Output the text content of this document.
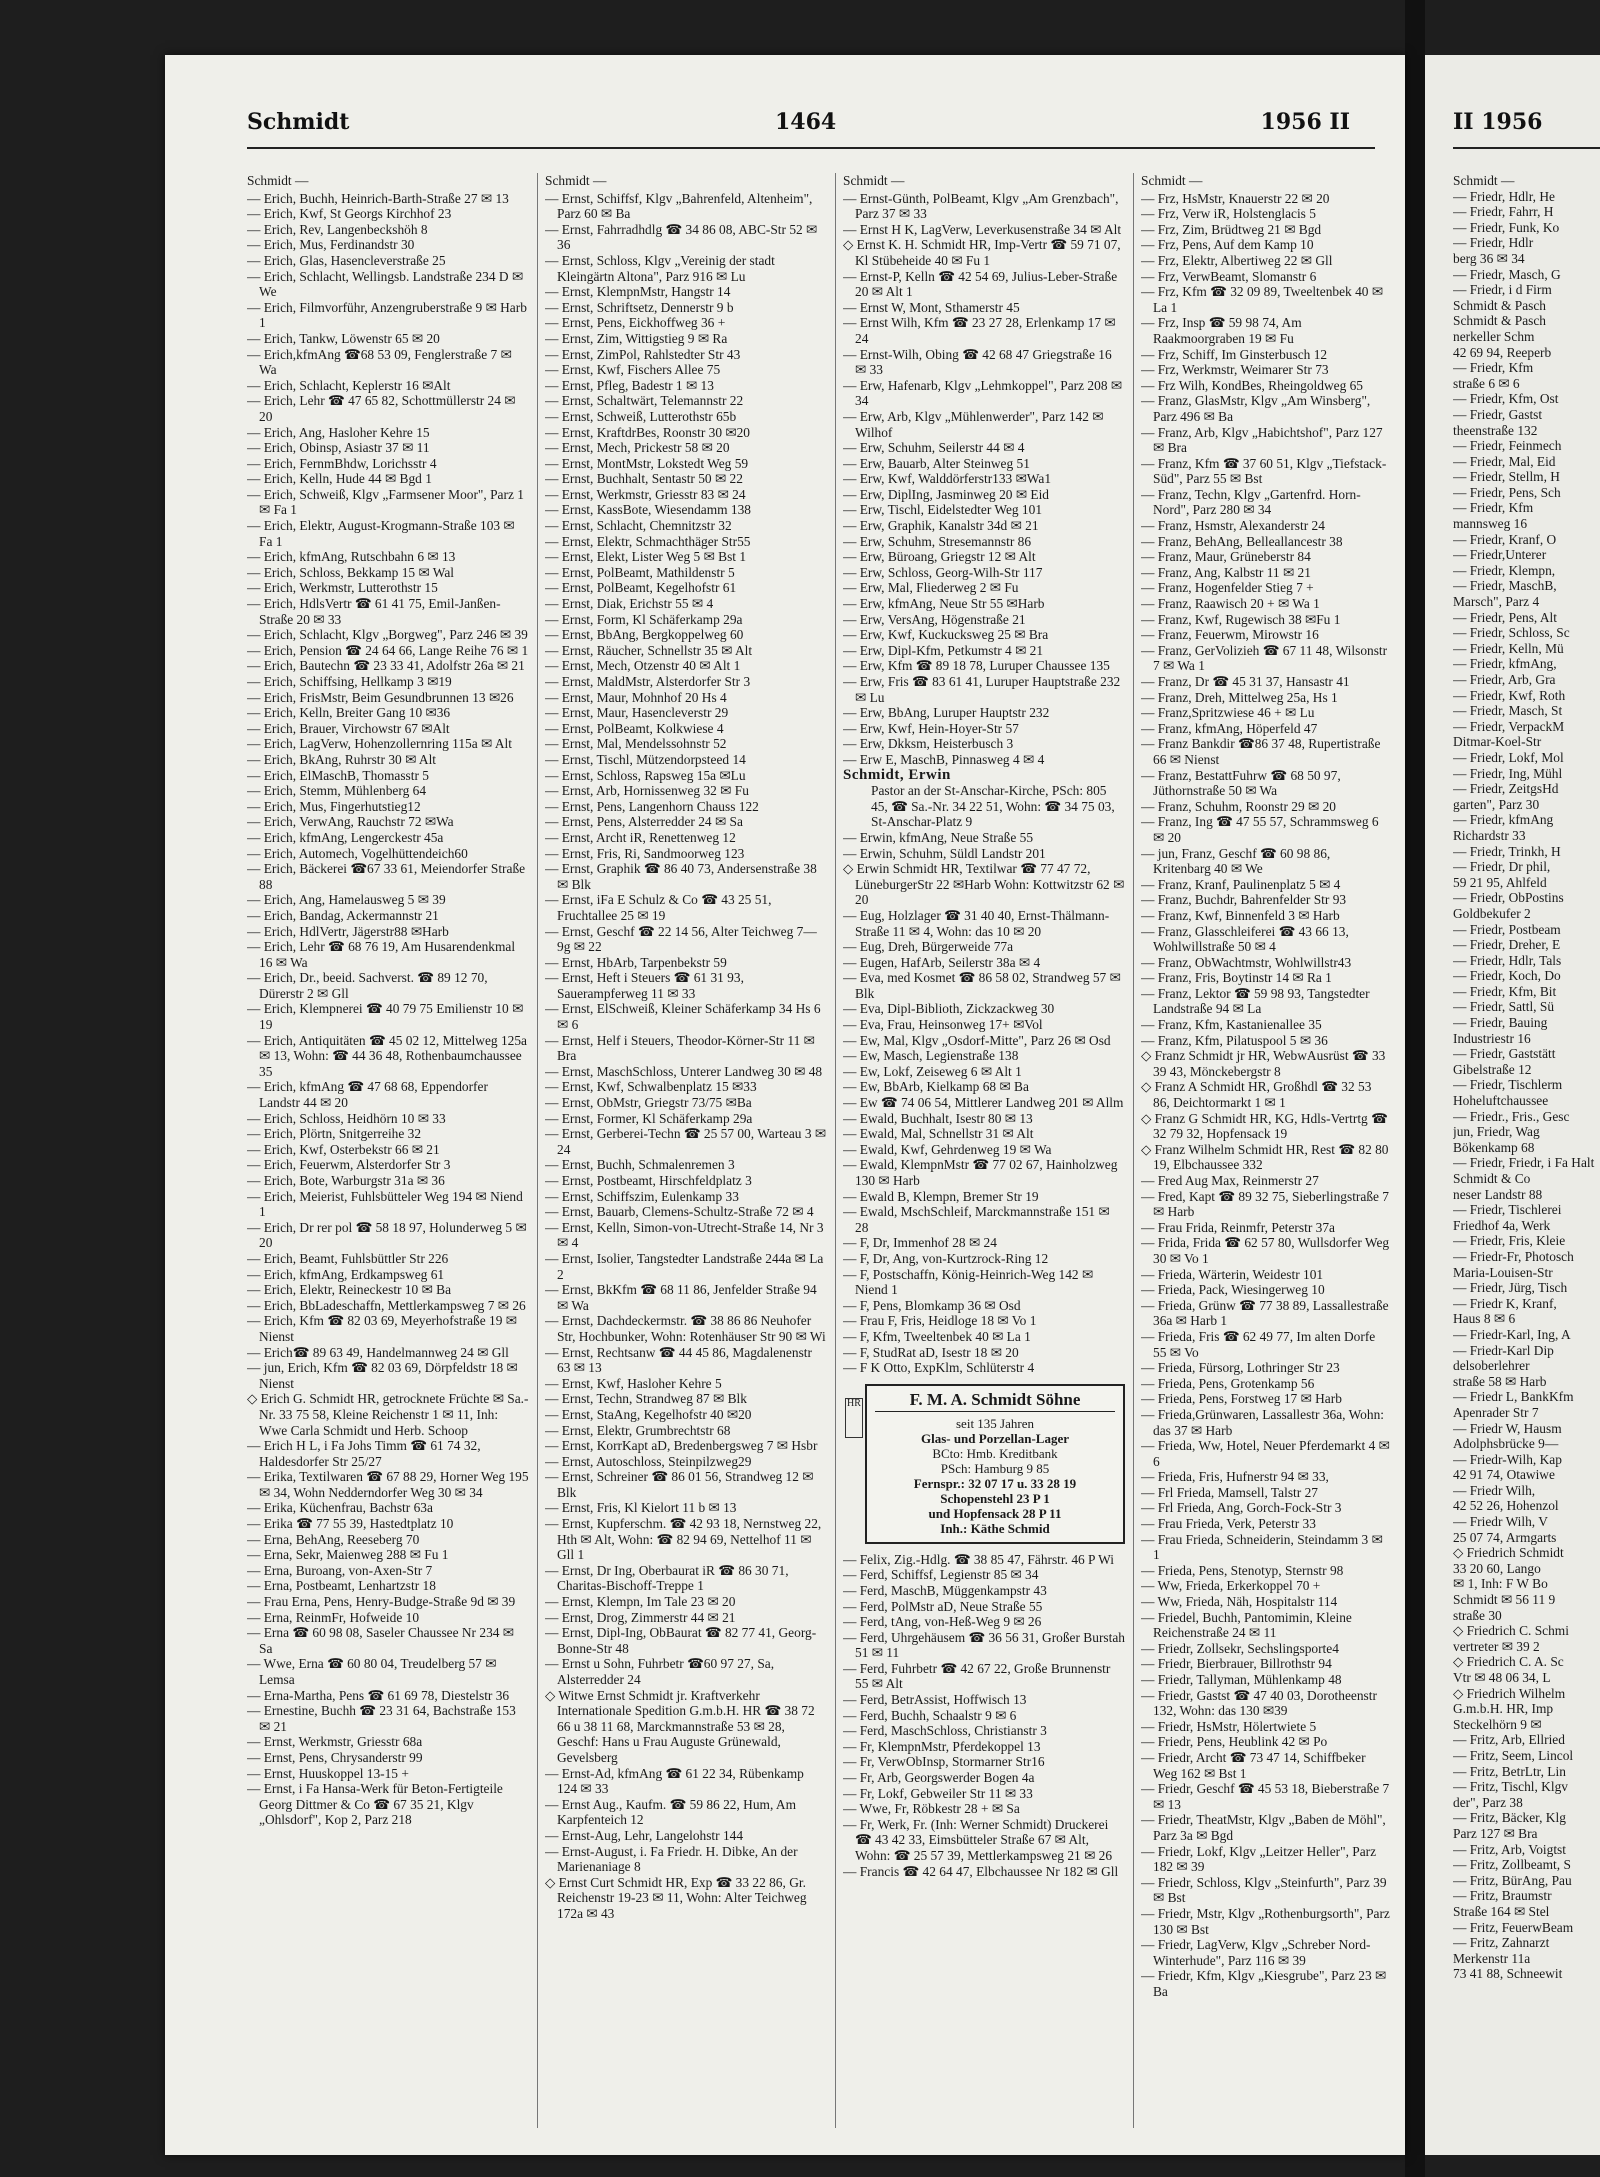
Schmidt	1464	1956 II
Schmidt —
— Erich, Buchh, Heinrich-Barth-Straße 27 ✉ 13
— Erich, Kwf, St Georgs Kirchhof 23
— Erich, Rev, Langenbeckshöh 8
— Erich, Mus, Ferdinandstr 30
— Erich, Glas, Hasencleverstraße 25
— Erich, Schlacht, Wellingsb. Landstraße 234 D ✉ We
— Erich, Filmvorführ, Anzengruberstraße 9 ✉ Harb 1
— Erich, Tankw, Löwenstr 65 ✉ 20
— Erich,kfmAng ☎68 53 09, Fenglerstraße 7 ✉ Wa
— Erich, Schlacht, Keplerstr 16 ✉Alt
— Erich, Lehr ☎ 47 65 82, Schottmüllerstr 24 ✉ 20
— Erich, Ang, Hasloher Kehre 15
— Erich, Obinsp, Asiastr 37 ✉ 11
— Erich, FernmBhdw, Lorichsstr 4
— Erich, Kelln, Hude 44 ✉ Bgd 1
— Erich, Schweiß, Klgv „Farmsener Moor", Parz 1 ✉ Fa 1
— Erich, Elektr, August-Krogmann-Straße 103 ✉ Fa 1
— Erich, kfmAng, Rutschbahn 6 ✉ 13
— Erich, Schloss, Bekkamp 15 ✉ Wal
— Erich, Werkmstr, Lutterothstr 15
— Erich, HdlsVertr ☎ 61 41 75, Emil-Janßen-Straße 20 ✉ 33
— Erich, Schlacht, Klgv „Borgweg", Parz 246 ✉ 39
— Erich, Pension ☎ 24 64 66, Lange Reihe 76 ✉ 1
— Erich, Bautechn ☎ 23 33 41, Adolfstr 26a ✉ 21
— Erich, Schiffsing, Hellkamp 3 ✉19
— Erich, FrisMstr, Beim Gesundbrunnen 13 ✉26
— Erich, Kelln, Breiter Gang 10 ✉36
— Erich, Brauer, Virchowstr 67 ✉Alt
— Erich, LagVerw, Hohenzollernring 115a ✉ Alt
— Erich, BkAng, Ruhrstr 30 ✉ Alt
— Erich, ElMaschB, Thomasstr 5
— Erich, Stemm, Mühlenberg 64
— Erich, Mus, Fingerhutstieg12
— Erich, VerwAng, Rauchstr 72 ✉Wa
— Erich, kfmAng, Lengerckestr 45a
— Erich, Automech, Vogelhüttendeich60
— Erich, Bäckerei ☎67 33 61, Meiendorfer Straße 88
— Erich, Ang, Hamelausweg 5 ✉ 39
— Erich, Bandag, Ackermannstr 21
— Erich, HdlVertr, Jägerstr88 ✉Harb
— Erich, Lehr ☎ 68 76 19, Am Husarendenkmal 16 ✉ Wa
— Erich, Dr., beeid. Sachverst. ☎ 89 12 70, Dürerstr 2 ✉ Gll
— Erich, Klempnerei ☎ 40 79 75 Emilienstr 10 ✉ 19
— Erich, Antiquitäten ☎ 45 02 12, Mittelweg 125a ✉ 13, Wohn: ☎ 44 36 48, Rothenbaumchaussee 35
— Erich, kfmAng ☎ 47 68 68, Eppendorfer Landstr 44 ✉ 20
— Erich, Schloss, Heidhörn 10 ✉ 33
— Erich, Plörtn, Snitgerreihe 32
— Erich, Kwf, Osterbekstr 66 ✉ 21
— Erich, Feuerwm, Alsterdorfer Str 3
— Erich, Bote, Warburgstr 31a ✉ 36
— Erich, Meierist, Fuhlsbütteler Weg 194 ✉ Niend 1
— Erich, Dr rer pol ☎ 58 18 97, Holunderweg 5 ✉ 20
— Erich, Beamt, Fuhlsbüttler Str 226
— Erich, kfmAng, Erdkampsweg 61
— Erich, Elektr, Reineckestr 10 ✉ Ba
— Erich, BbLadeschaffn, Mettlerkampsweg 7 ✉ 26
— Erich, Kfm ☎ 82 03 69, Meyerhofstraße 19 ✉ Nienst
— Erich☎ 89 63 49, Handelmannweg 24 ✉ Gll
— jun, Erich, Kfm ☎ 82 03 69, Dörpfeldstr 18 ✉ Nienst
◇ Erich G. Schmidt HR, getrocknete Früchte ✉ Sa.-Nr. 33 75 58, Kleine Reichenstr 1 ✉ 11, Inh: Wwe Carla Schmidt und Herb. Schoop
— Erich H L, i Fa Johs Timm ☎ 61 74 32, Haldesdorfer Str 25/27
— Erika, Textilwaren ☎ 67 88 29, Horner Weg 195 ✉ 34, Wohn Nedderndorfer Weg 30 ✉ 34
— Erika, Küchenfrau, Bachstr 63a
— Erika ☎ 77 55 39, Hastedtplatz 10
— Erna, BehAng, Reeseberg 70
— Erna, Sekr, Maienweg 288 ✉ Fu 1
— Erna, Buroang, von-Axen-Str 7
— Erna, Postbeamt, Lenhartzstr 18
— Frau Erna, Pens, Henry-Budge-Straße 9d ✉ 39
— Erna, ReinmFr, Hofweide 10
— Erna ☎ 60 98 08, Saseler Chaussee Nr 234 ✉ Sa
— Wwe, Erna ☎ 60 80 04, Treudelberg 57 ✉ Lemsa
— Erna-Martha, Pens ☎ 61 69 78, Diestelstr 36
— Ernestine, Buchh ☎ 23 31 64, Bachstraße 153 ✉ 21
— Ernst, Werkmstr, Griesstr 68a
— Ernst, Pens, Chrysanderstr 99
— Ernst, Huuskoppel 13-15 +
— Ernst, i Fa Hansa-Werk für Beton-Fertigteile Georg Dittmer & Co ☎ 67 35 21, Klgv „Ohlsdorf", Kop 2, Parz 218
Schmidt —
— Ernst, Schiffsf, Klgv „Bahrenfeld, Altenheim", Parz 60 ✉ Ba
— Ernst, Fahrradhdlg ☎ 34 86 08, ABC-Str 52 ✉ 36
— Ernst, Schloss, Klgv „Vereinig der stadt Kleingärtn Altona", Parz 916 ✉ Lu
— Ernst, KlempnMstr, Hangstr 14
— Ernst, Schriftsetz, Dennerstr 9 b
— Ernst, Pens, Eickhoffweg 36 +
— Ernst, Zim, Wittigstieg 9 ✉ Ra
— Ernst, ZimPol, Rahlstedter Str 43
— Ernst, Kwf, Fischers Allee 75
— Ernst, Pfleg, Badestr 1 ✉ 13
— Ernst, Schaltwärt, Telemannstr 22
— Ernst, Schweiß, Lutterothstr 65b
— Ernst, KraftdrBes, Roonstr 30 ✉20
— Ernst, Mech, Prickestr 58 ✉ 20
— Ernst, MontMstr, Lokstedt Weg 59
— Ernst, Buchhalt, Sentastr 50 ✉ 22
— Ernst, Werkmstr, Griesstr 83 ✉ 24
— Ernst, KassBote, Wiesendamm 138
— Ernst, Schlacht, Chemnitzstr 32
— Ernst, Elektr, Schmachthäger Str55
— Ernst, Elekt, Lister Weg 5 ✉ Bst 1
— Ernst, PolBeamt, Mathildenstr 5
— Ernst, PolBeamt, Kegelhofstr 61
— Ernst, Diak, Erichstr 55 ✉ 4
— Ernst, Form, Kl Schäferkamp 29a
— Ernst, BbAng, Bergkoppelweg 60
— Ernst, Räucher, Schnellstr 35 ✉ Alt
— Ernst, Mech, Otzenstr 40 ✉ Alt 1
— Ernst, MaldMstr, Alsterdorfer Str 3
— Ernst, Maur, Mohnhof 20 Hs 4
— Ernst, Maur, Hasencleverstr 29
— Ernst, PolBeamt, Kolkwiese 4
— Ernst, Mal, Mendelssohnstr 52
— Ernst, Tischl, Mützendorpsteed 14
— Ernst, Schloss, Rapsweg 15a ✉Lu
— Ernst, Arb, Hornissenweg 32 ✉ Fu
— Ernst, Pens, Langenhorn Chauss 122
— Ernst, Pens, Alsterredder 24 ✉ Sa
— Ernst, Archt iR, Renettenweg 12
— Ernst, Fris, Ri, Sandmoorweg 123
— Ernst, Graphik ☎ 86 40 73, Andersenstraße 38 ✉ Blk
— Ernst, iFa E Schulz & Co ☎ 43 25 51, Fruchtallee 25 ✉ 19
— Ernst, Geschf ☎ 22 14 56, Alter Teichweg 7—9g ✉ 22
— Ernst, HbArb, Tarpenbekstr 59
— Ernst, Heft i Steuers ☎ 61 31 93, Sauerampferweg 11 ✉ 33
— Ernst, ElSchweiß, Kleiner Schäferkamp 34 Hs 6 ✉ 6
— Ernst, Helf i Steuers, Theodor-Körner-Str 11 ✉ Bra
— Ernst, MaschSchloss, Unterer Landweg 30 ✉ 48
— Ernst, Kwf, Schwalbenplatz 15 ✉33
— Ernst, ObMstr, Griegstr 73/75 ✉Ba
— Ernst, Former, Kl Schäferkamp 29a
— Ernst, Gerberei-Techn ☎ 25 57 00, Warteau 3 ✉ 24
— Ernst, Buchh, Schmalenremen 3
— Ernst, Postbeamt, Hirschfeldplatz 3
— Ernst, Schiffszim, Eulenkamp 33
— Ernst, Bauarb, Clemens-Schultz-Straße 72 ✉ 4
— Ernst, Kelln, Simon-von-Utrecht-Straße 14, Nr 3 ✉ 4
— Ernst, Isolier, Tangstedter Landstraße 244a ✉ La 2
— Ernst, BkKfm ☎ 68 11 86, Jenfelder Straße 94 ✉ Wa
— Ernst, Dachdeckermstr. ☎ 38 86 86 Neuhofer Str, Hochbunker, Wohn: Rotenhäuser Str 90 ✉ Wi
— Ernst, Rechtsanw ☎ 44 45 86, Magdalenenstr 63 ✉ 13
— Ernst, Kwf, Hasloher Kehre 5
— Ernst, Techn, Strandweg 87 ✉ Blk
— Ernst, StaAng, Kegelhofstr 40 ✉20
— Ernst, Elektr, Grumbrechtstr 68
— Ernst, KorrKapt aD, Bredenbergsweg 7 ✉ Hsbr
— Ernst, Autoschloss, Steinpilzweg29
— Ernst, Schreiner ☎ 86 01 56, Strandweg 12 ✉ Blk
— Ernst, Fris, Kl Kielort 11 b ✉ 13
— Ernst, Kupferschm. ☎ 42 93 18, Nernstweg 22, Hth ✉ Alt, Wohn: ☎ 82 94 69, Nettelhof 11 ✉Gll 1
— Ernst, Dr Ing, Oberbaurat iR ☎ 86 30 71, Charitas-Bischoff-Treppe 1
— Ernst, Klempn, Im Tale 23 ✉ 20
— Ernst, Drog, Zimmerstr 44 ✉ 21
— Ernst, Dipl-Ing, ObBaurat ☎ 82 77 41, Georg-Bonne-Str 48
— Ernst u Sohn, Fuhrbetr ☎60 97 27, Sa, Alsterredder 24
◇ Witwe Ernst Schmidt jr. Kraftverkehr Internationale Spedition G.m.b.H. HR ☎ 38 72 66 u 38 11 68, Marckmannstraße 53 ✉ 28, Geschf: Hans u Frau Auguste Grünewald, Gevelsberg
— Ernst-Ad, kfmAng ☎ 61 22 34, Rübenkamp 124 ✉ 33
— Ernst Aug., Kaufm. ☎ 59 86 22, Hum, Am Karpfenteich 12
— Ernst-Aug, Lehr, Langelohstr 144
— Ernst-August, i. Fa Friedr. H. Dibke, An der Marienaniage 8
◇ Ernst Curt Schmidt HR, Exp ☎ 33 22 86, Gr. Reichenstr 19-23 ✉ 11, Wohn: Alter Teichweg 172a ✉ 43
Schmidt —
— Ernst-Günth, PolBeamt, Klgv „Am Grenzbach", Parz 37 ✉ 33
— Ernst H K, LagVerw, Leverkusenstraße 34 ✉ Alt
◇ Ernst K. H. Schmidt HR, Imp-Vertr ☎ 59 71 07, Kl Stübeheide 40 ✉ Fu 1
— Ernst-P, Kelln ☎ 42 54 69, Julius-Leber-Straße 20 ✉ Alt 1
— Ernst W, Mont, Sthamerstr 45
— Ernst Wilh, Kfm ☎ 23 27 28, Erlenkamp 17 ✉ 24
— Ernst-Wilh, Obing ☎ 42 68 47 Griegstraße 16 ✉ 33
— Erw, Hafenarb, Klgv „Lehmkoppel", Parz 208 ✉ 34
— Erw, Arb, Klgv „Mühlenwerder", Parz 142 ✉ Wilhof
— Erw, Schuhm, Seilerstr 44 ✉ 4
— Erw, Bauarb, Alter Steinweg 51
— Erw, Kwf, Walddörferstr133 ✉Wa1
— Erw, DiplIng, Jasminweg 20 ✉ Eid
— Erw, Tischl, Eidelstedter Weg 101
— Erw, Graphik, Kanalstr 34d ✉ 21
— Erw, Schuhm, Stresemannstr 86
— Erw, Büroang, Griegstr 12 ✉ Alt
— Erw, Schloss, Georg-Wilh-Str 117
— Erw, Mal, Fliederweg 2 ✉ Fu
— Erw, kfmAng, Neue Str 55 ✉Harb
— Erw, VersAng, Högenstraße 21
— Erw, Kwf, Kuckucksweg 25 ✉ Bra
— Erw, Dipl-Kfm, Petkumstr 4 ✉ 21
— Erw, Kfm ☎ 89 18 78, Luruper Chaussee 135
— Erw, Fris ☎ 83 61 41, Luruper Hauptstraße 232 ✉ Lu
— Erw, BbAng, Luruper Hauptstr 232
— Erw, Kwf, Hein-Hoyer-Str 57
— Erw, Dkksm, Heisterbusch 3
— Erw E, MaschB, Pinnasweg 4 ✉ 4
Schmidt, Erwin
Pastor an der St-Anschar-Kirche, PSch: 805 45, ☎ Sa.-Nr. 34 22 51, Wohn: ☎ 34 75 03, St-Anschar-Platz 9
— Erwin, kfmAng, Neue Straße 55
— Erwin, Schuhm, Süldl Landstr 201
◇ Erwin Schmidt HR, Textilwar ☎ 77 47 72, LüneburgerStr 22 ✉Harb Wohn: Kottwitzstr 62 ✉ 20
— Eug, Holzlager ☎ 31 40 40, Ernst-Thälmann-Straße 11 ✉ 4, Wohn: das 10 ✉ 20
— Eug, Dreh, Bürgerweide 77a
— Eugen, HafArb, Seilerstr 38a ✉ 4
— Eva, med Kosmet ☎ 86 58 02, Strandweg 57 ✉ Blk
— Eva, Dipl-Biblioth, Zickzackweg 30
— Eva, Frau, Heinsonweg 17+ ✉Vol
— Ew, Mal, Klgv „Osdorf-Mitte", Parz 26 ✉ Osd
— Ew, Masch, Legienstraße 138
— Ew, Lokf, Zeiseweg 6 ✉ Alt 1
— Ew, BbArb, Kielkamp 68 ✉ Ba
— Ew ☎ 74 06 54, Mittlerer Landweg 201 ✉ Allm
— Ewald, Buchhalt, Isestr 80 ✉ 13
— Ewald, Mal, Schnellstr 31 ✉ Alt
— Ewald, Kwf, Gehrdenweg 19 ✉ Wa
— Ewald, KlempnMstr ☎ 77 02 67, Hainholzweg 130 ✉ Harb
— Ewald B, Klempn, Bremer Str 19
— Ewald, MschSchleif, Marckmannstraße 151 ✉ 28
— F, Dr, Immenhof 28 ✉ 24
— F, Dr, Ang, von-Kurtzrock-Ring 12
— F, Postschaffn, König-Heinrich-Weg 142 ✉ Niend 1
— F, Pens, Blomkamp 36 ✉ Osd
— Frau F, Fris, Heidloge 18 ✉ Vo 1
— F, Kfm, Tweeltenbek 40 ✉ La 1
— F, StudRat aD, Isestr 18 ✉ 20
— F K Otto, ExpKlm, Schlüterstr 4
HR	F. M. A. Schmidt Söhne
seit 135 Jahren
Glas- und Porzellan-Lager
BCto: Hmb. Kreditbank
PSch: Hamburg 9 85
Fernspr.: 32 07 17 u. 33 28 19
Schopenstehl 23 P 1
und Hopfensack 28 P 11
Inh.: Käthe Schmid
— Felix, Zig.-Hdlg. ☎ 38 85 47, Fährstr. 46 P Wi
— Ferd, Schiffsf, Legienstr 85 ✉ 34
— Ferd, MaschB, Müggenkampstr 43
— Ferd, PolMstr aD, Neue Straße 55
— Ferd, tAng, von-Heß-Weg 9 ✉ 26
— Ferd, Uhrgehäusem ☎ 36 56 31, Großer Burstah 51 ✉ 11
— Ferd, Fuhrbetr ☎ 42 67 22, Große Brunnenstr 55 ✉ Alt
— Ferd, BetrAssist, Hoffwisch 13
— Ferd, Buchh, Schaalstr 9 ✉ 6
— Ferd, MaschSchloss, Christianstr 3
— Fr, KlempnMstr, Pferdekoppel 13
— Fr, VerwObInsp, Stormarner Str16
— Fr, Arb, Georgswerder Bogen 4a
— Fr, Lokf, Gebweiler Str 11 ✉ 33
— Wwe, Fr, Röbkestr 28 + ✉ Sa
— Fr, Werk, Fr. (Inh: Werner Schmidt) Druckerei ☎ 43 42 33, Eimsbütteler Straße 67 ✉ Alt, Wohn: ☎ 25 57 39, Mettlerkampsweg 21 ✉ 26
— Francis ☎ 42 64 47, Elbchaussee Nr 182 ✉ Gll
Schmidt —
— Frz, HsMstr, Knauerstr 22 ✉ 20
— Frz, Verw iR, Holstenglacis 5
— Frz, Zim, Brüdtweg 21 ✉ Bgd
— Frz, Pens, Auf dem Kamp 10
— Frz, Elektr, Albertiweg 22 ✉ Gll
— Frz, VerwBeamt, Slomanstr 6
— Frz, Kfm ☎ 32 09 89, Tweeltenbek 40 ✉ La 1
— Frz, Insp ☎ 59 98 74, Am Raakmoorgraben 19 ✉ Fu
— Frz, Schiff, Im Ginsterbusch 12
— Frz, Werkmstr, Weimarer Str 73
— Frz Wilh, KondBes, Rheingoldweg 65
— Franz, GlasMstr, Klgv „Am Winsberg", Parz 496 ✉ Ba
— Franz, Arb, Klgv „Habichtshof", Parz 127 ✉ Bra
— Franz, Kfm ☎ 37 60 51, Klgv „Tiefstack-Süd", Parz 55 ✉ Bst
— Franz, Techn, Klgv „Gartenfrd. Horn-Nord", Parz 280 ✉ 34
— Franz, Hsmstr, Alexanderstr 24
— Franz, BehAng, Belleallancestr 38
— Franz, Maur, Grüneberstr 84
— Franz, Ang, Kalbstr 11 ✉ 21
— Franz, Hogenfelder Stieg 7 +
— Franz, Raawisch 20 + ✉ Wa 1
— Franz, Kwf, Rugewisch 38 ✉Fu 1
— Franz, Feuerwm, Mirowstr 16
— Franz, GerVolizieh ☎ 67 11 48, Wilsonstr 7 ✉ Wa 1
— Franz, Dr ☎ 45 31 37, Hansastr 41
— Franz, Dreh, Mittelweg 25a, Hs 1
— Franz,Spritzwiese 46 + ✉ Lu
— Franz, kfmAng, Höperfeld 47
— Franz Bankdir ☎86 37 48, Rupertistraße 66 ✉ Nienst
— Franz, BestattFuhrw ☎ 68 50 97, Jüthornstraße 50 ✉ Wa
— Franz, Schuhm, Roonstr 29 ✉ 20
— Franz, Ing ☎ 47 55 57, Schrammsweg 6 ✉ 20
— jun, Franz, Geschf ☎ 60 98 86, Kritenbarg 40 ✉ We
— Franz, Kranf, Paulinenplatz 5 ✉ 4
— Franz, Buchdr, Bahrenfelder Str 93
— Franz, Kwf, Binnenfeld 3 ✉ Harb
— Franz, Glasschleiferei ☎ 43 66 13, Wohlwillstraße 50 ✉ 4
— Franz, ObWachtmstr, Wohlwillstr43
— Franz, Fris, Boytinstr 14 ✉ Ra 1
— Franz, Lektor ☎ 59 98 93, Tangstedter Landstraße 94 ✉ La
— Franz, Kfm, Kastanienallee 35
— Franz, Kfm, Pilatuspool 5 ✉ 36
◇ Franz Schmidt jr HR, WebwAusrüst ☎ 33 39 43, Mönckebergstr 8
◇ Franz A Schmidt HR, Großhdl ☎ 32 53 86, Deichtormarkt 1 ✉ 1
◇ Franz G Schmidt HR, KG, Hdls-Vertrtg ☎ 32 79 32, Hopfensack 19
◇ Franz Wilhelm Schmidt HR, Rest ☎ 82 80 19, Elbchaussee 332
— Fred Aug Max, Reinmerstr 27
— Fred, Kapt ☎ 89 32 75, Sieberlingstraße 7 ✉ Harb
— Frau Frida, Reinmfr, Peterstr 37a
— Frida, Frida ☎ 62 57 80, Wullsdorfer Weg 30 ✉ Vo 1
— Frieda, Wärterin, Weidestr 101
— Frieda, Pack, Wiesingerweg 10
— Frieda, Grünw ☎ 77 38 89, Lassallestraße 36a ✉ Harb 1
— Frieda, Fris ☎ 62 49 77, Im alten Dorfe 55 ✉ Vo
— Frieda, Fürsorg, Lothringer Str 23
— Frieda, Pens, Grotenkamp 56
— Frieda, Pens, Forstweg 17 ✉ Harb
— Frieda,Grünwaren, Lassallestr 36a, Wohn: das 37 ✉ Harb
— Frieda, Ww, Hotel, Neuer Pferdemarkt 4 ✉ 6
— Frieda, Fris, Hufnerstr 94 ✉ 33,
— Frl Frieda, Mamsell, Talstr 27
— Frl Frieda, Ang, Gorch-Fock-Str 3
— Frau Frieda, Verk, Peterstr 33
— Frau Frieda, Schneiderin, Steindamm 3 ✉ 1
— Frieda, Pens, Stenotyp, Sternstr 98
— Ww, Frieda, Erkerkoppel 70 +
— Ww, Frieda, Näh, Hospitalstr 114
— Friedel, Buchh, Pantomimin, Kleine Reichenstraße 24 ✉ 11
— Friedr, Zollsekr, Sechslingsporte4
— Friedr, Bierbrauer, Billrothstr 94
— Friedr, Tallyman, Mühlenkamp 48
— Friedr, Gastst ☎ 47 40 03, Dorotheenstr 132, Wohn: das 130 ✉39
— Friedr, HsMstr, Hölertwiete 5
— Friedr, Pens, Heublink 42 ✉ Po
— Friedr, Archt ☎ 73 47 14, Schiffbeker Weg 162 ✉ Bst 1
— Friedr, Geschf ☎ 45 53 18, Bieberstraße 7 ✉ 13
— Friedr, TheatMstr, Klgv „Baben de Möhl", Parz 3a ✉ Bgd
— Friedr, Lokf, Klgv „Leitzer Heller", Parz 182 ✉ 39
— Friedr, Schloss, Klgv „Steinfurth", Parz 39 ✉ Bst
— Friedr, Mstr, Klgv „Rothenburgsorth", Parz 130 ✉ Bst
— Friedr, LagVerw, Klgv „Schreber Nord-Winterhude", Parz 116 ✉ 39
— Friedr, Kfm, Klgv „Kiesgrube", Parz 23 ✉ Ba
II 1956
Schmidt —
— Friedr, Hdlr, He
— Friedr, Fahrr, H
— Friedr, Funk, Ko
— Friedr, Hdlr
berg 36 ✉ 34
— Friedr, Masch, G
— Friedr, i d Firm
Schmidt & Pasch
Schmidt & Pasch
nerkeller Schm
42 69 94, Reeperb
— Friedr, Kfm
straße 6 ✉ 6
— Friedr, Kfm, Ost
— Friedr, Gastst
theenstraße 132
— Friedr, Feinmech
— Friedr, Mal, Eid
— Friedr, Stellm, H
— Friedr, Pens, Sch
— Friedr, Kfm
mannsweg 16
— Friedr, Kranf, O
— Friedr,Unterer
— Friedr, Klempn,
— Friedr, MaschB,
Marsch", Parz 4
— Friedr, Pens, Alt
— Friedr, Schloss, Sc
— Friedr, Kelln, Mü
— Friedr, kfmAng,
— Friedr, Arb, Gra
— Friedr, Kwf, Roth
— Friedr, Masch, St
— Friedr, VerpackM
Ditmar-Koel-Str
— Friedr, Lokf, Mol
— Friedr, Ing, Mühl
— Friedr, ZeitgsHd
garten", Parz 30
— Friedr, kfmAng
Richardstr 33
— Friedr, Trinkh, H
— Friedr, Dr phil,
59 21 95, Ahlfeld
— Friedr, ObPostins
Goldbekufer 2
— Friedr, Postbeam
— Friedr, Dreher, E
— Friedr, Hdlr, Tals
— Friedr, Koch, Do
— Friedr, Kfm, Bit
— Friedr, Sattl, Sü
— Friedr, Bauing
Industriestr 16
— Friedr, Gaststätt
Gibelstraße 12
— Friedr, Tischlerm
Hoheluftchaussee
— Friedr., Fris., Gesc
jun, Friedr, Wag
Bökenkamp 68
— Friedr, Friedr, i Fa Halt
Schmidt & Co
neser Landstr 88
— Friedr, Tischlerei
Friedhof 4a, Werk
— Friedr, Fris, Kleie
— Friedr-Fr, Photosch
Maria-Louisen-Str
— Friedr, Jürg, Tisch
— Friedr K, Kranf,
Haus 8 ✉ 6
— Friedr-Karl, Ing, A
— Friedr-Karl Dip
delsoberlehrer
straße 58 ✉ Harb
— Friedr L, BankKfm
Apenrader Str 7
— Friedr W, Hausm
Adolphsbrücke 9—
— Friedr-Wilh, Kap
42 91 74, Otawiwe
— Friedr Wilh,
42 52 26, Hohenzol
— Friedr Wilh, V
25 07 74, Armgarts
◇ Friedrich Schmidt
33 20 60, Lango
✉ 1, Inh: F W Bo
Schmidt ✉ 56 11 9
straße 30
◇ Friedrich C. Schmi
vertreter ✉ 39 2
◇ Friedrich C. A. Sc
Vtr ✉ 48 06 34, L
◇ Friedrich Wilhelm
G.m.b.H. HR, Imp
Steckelhörn 9 ✉
— Fritz, Arb, Ellried
— Fritz, Seem, Lincol
— Fritz, BetrLtr, Lin
— Fritz, Tischl, Klgv
der", Parz 38
— Fritz, Bäcker, Klg
Parz 127 ✉ Bra
— Fritz, Arb, Voigtst
— Fritz, Zollbeamt, S
— Fritz, BürAng, Pau
— Fritz, Braumstr
Straße 164 ✉ Stel
— Fritz, FeuerwBeam
— Fritz, Zahnarzt
Merkenstr 11a
73 41 88, Schneewit
